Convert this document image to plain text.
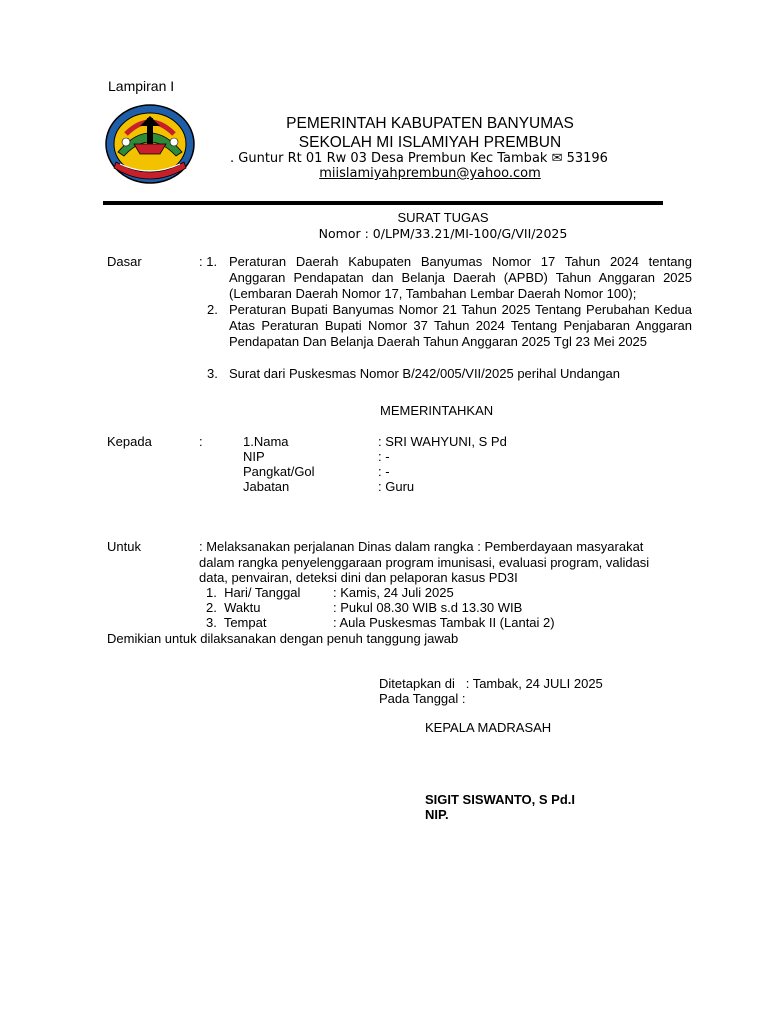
Lampiran I
PEMERINTAH KABUPATEN BANYUMAS
SEKOLAH MI ISLAMIYAH PREMBUN
. Guntur Rt 01 Rw 03 Desa Prembun Kec Tambak ✉ 53196
miislamiyahprembun@yahoo.com
SURAT TUGAS
Nomor : 0/LPM/33.21/MI-100/G/VII/2025
Dasar	: 1. Peraturan Daerah Kabupaten Banyumas Nomor 17 Tahun 2024 tentang Anggaran Pendapatan dan Belanja Daerah (APBD) Tahun Anggaran 2025 (Lembaran Daerah Nomor 17, Tambahan Lembar Daerah Nomor 100);
2. Peraturan Bupati Banyumas Nomor 21 Tahun 2025 Tentang Perubahan Kedua Atas Peraturan Bupati Nomor 37 Tahun 2024 Tentang Penjabaran Anggaran Pendapatan Dan Belanja Daerah Tahun Anggaran 2025 Tgl 23 Mei 2025
3. Surat dari Puskesmas Nomor B/242/005/VII/2025 perihal Undangan
MEMERINTAHKAN
Kepada	:	1.Nama	: SRI WAHYUNI, S Pd
NIP	: -
Pangkat/Gol	: -
Jabatan	: Guru
Untuk	: Melaksanakan perjalanan Dinas dalam rangka : Pemberdayaan masyarakat
dalam rangka penyelenggaraan program imunisasi, evaluasi program, validasi
data, penvairan, deteksi dini dan pelaporan kasus PD3I
1.  Hari/ Tanggal	: Kamis, 24 Juli 2025
2.  Waktu	: Pukul 08.30 WIB s.d 13.30 WIB
3.  Tempat	: Aula Puskesmas Tambak II (Lantai 2)
Demikian untuk dilaksanakan dengan penuh tanggung jawab
Ditetapkan di   : Tambak, 24 JULI 2025
Pada Tanggal :
KEPALA MADRASAH
SIGIT SISWANTO, S Pd.I
NIP.
